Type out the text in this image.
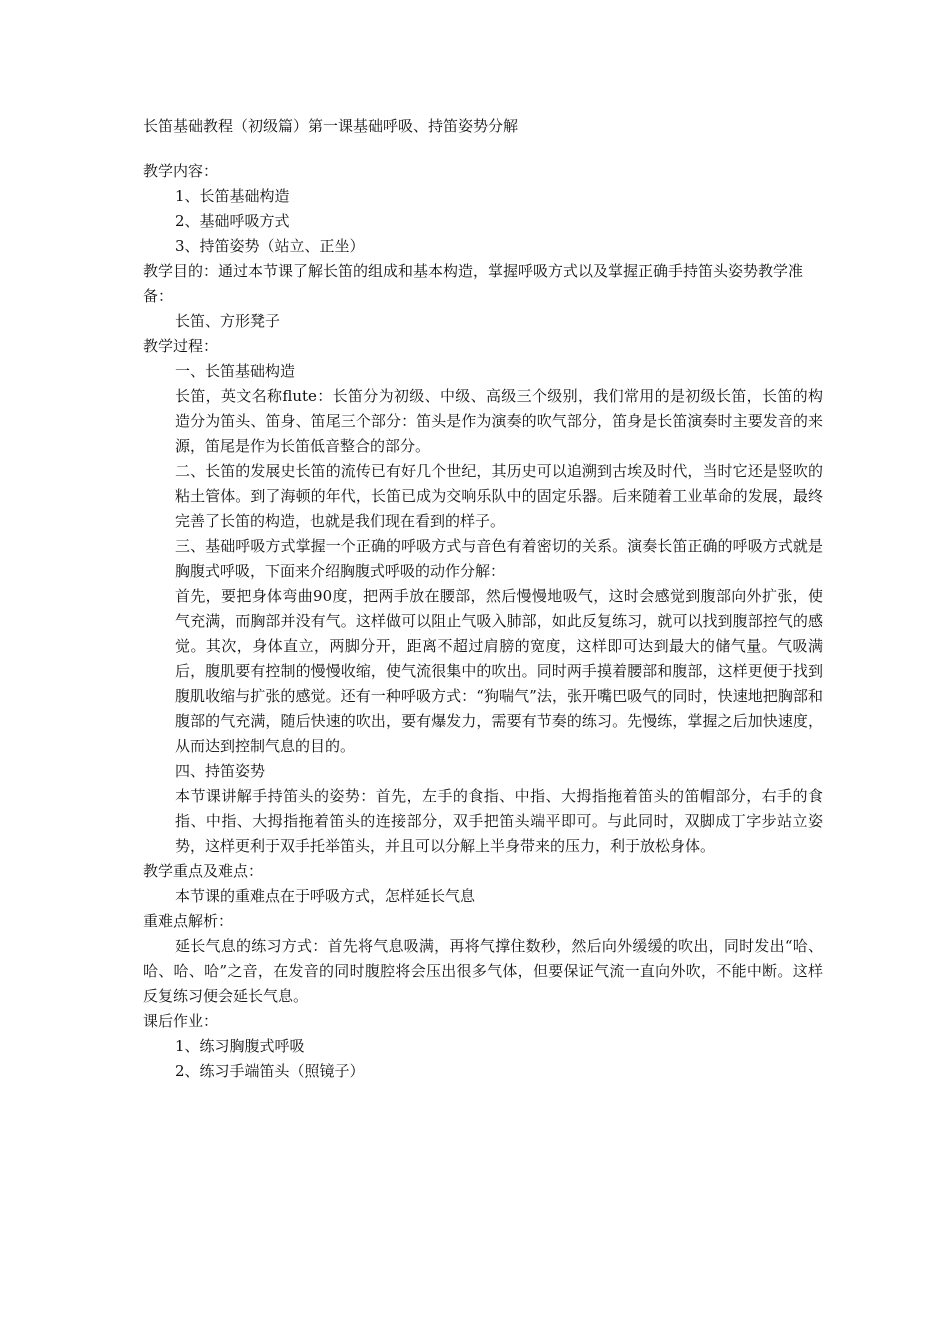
长笛基础教程（初级篇）第一课基础呼吸、持笛姿势分解

教学内容：

1、长笛基础构造

2、基础呼吸方式

3、持笛姿势（站立、正坐）

教学目的：通过本节课了解长笛的组成和基本构造，掌握呼吸方式以及掌握正确手持笛头姿势教学准备：

长笛、方形凳子

教学过程：

一、长笛基础构造

长笛，英文名称flute：长笛分为初级、中级、高级三个级别，我们常用的是初级长笛，长笛的构造分为笛头、笛身、笛尾三个部分：笛头是作为演奏的吹气部分，笛身是长笛演奏时主要发音的来源，笛尾是作为长笛低音整合的部分。

二、长笛的发展史长笛的流传已有好几个世纪，其历史可以追溯到古埃及时代，当时它还是竖吹的粘土管体。到了海顿的年代，长笛已成为交响乐队中的固定乐器。后来随着工业革命的发展，最终完善了长笛的构造，也就是我们现在看到的样子。

三、基础呼吸方式掌握一个正确的呼吸方式与音色有着密切的关系。演奏长笛正确的呼吸方式就是胸腹式呼吸，下面来介绍胸腹式呼吸的动作分解：

首先，要把身体弯曲90度，把两手放在腰部，然后慢慢地吸气，这时会感觉到腹部向外扩张，使气充满，而胸部并没有气。这样做可以阻止气吸入肺部，如此反复练习，就可以找到腹部控气的感觉。其次，身体直立，两脚分开，距离不超过肩膀的宽度，这样即可达到最大的储气量。气吸满后，腹肌要有控制的慢慢收缩，使气流很集中的吹出。同时两手摸着腰部和腹部，这样更便于找到腹肌收缩与扩张的感觉。还有一种呼吸方式：“狗喘气”法，张开嘴巴吸气的同时，快速地把胸部和腹部的气充满，随后快速的吹出，要有爆发力，需要有节奏的练习。先慢练，掌握之后加快速度，从而达到控制气息的目的。

四、持笛姿势

本节课讲解手持笛头的姿势：首先，左手的食指、中指、大拇指拖着笛头的笛帽部分，右手的食指、中指、大拇指拖着笛头的连接部分，双手把笛头端平即可。与此同时，双脚成丁字步站立姿势，这样更利于双手托举笛头，并且可以分解上半身带来的压力，利于放松身体。

教学重点及难点：

本节课的重难点在于呼吸方式，怎样延长气息

重难点解析：

延长气息的练习方式：首先将气息吸满，再将气撑住数秒，然后向外缓缓的吹出，同时发出“哈、哈、哈、哈”之音，在发音的同时腹腔将会压出很多气体，但要保证气流一直向外吹，不能中断。这样反复练习便会延长气息。

课后作业：

1、练习胸腹式呼吸

2、练习手端笛头（照镜子）
